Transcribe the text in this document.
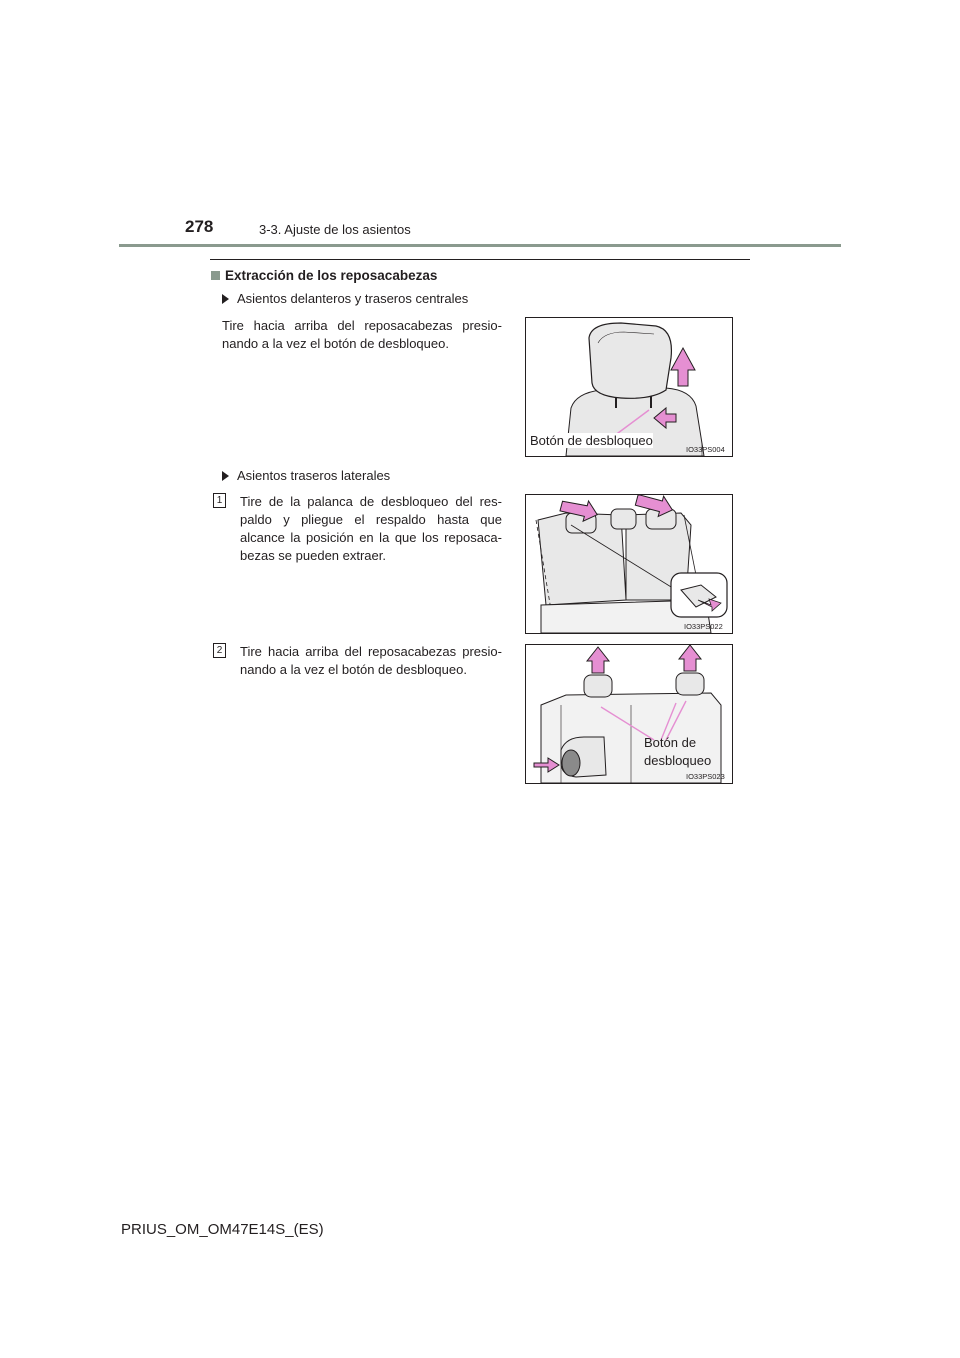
278	3-3. Ajuste de los asientos
Extracción de los reposacabezas
Asientos delanteros y traseros centrales
Tire hacia arriba del reposacabezas presio-nando a la vez el botón de desbloqueo.
Botón de desbloqueo
IO33PS004
Asientos traseros laterales
1 Tire de la palanca de desbloqueo del res-paldo y pliegue el respaldo hasta que alcance la posición en la que los reposaca-bezas se pueden extraer.
IO33PS022
2 Tire hacia arriba del reposacabezas presio-nando a la vez el botón de desbloqueo.
Botón de
desbloqueo
IO33PS023
PRIUS_OM_OM47E14S_(ES)
